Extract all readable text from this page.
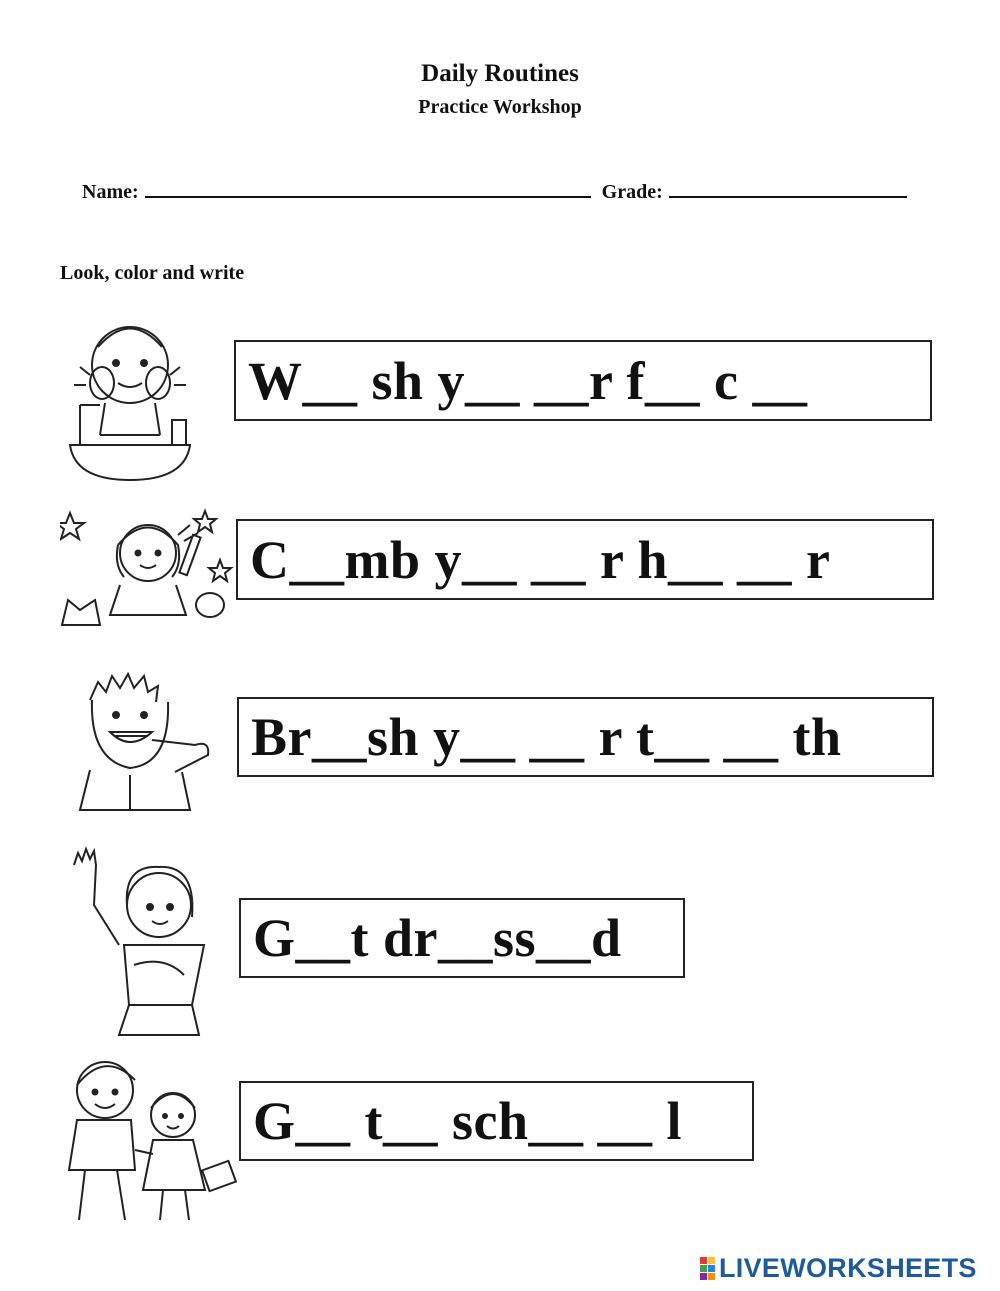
Daily Routines
Practice Workshop
Name:	Grade:
Look, color and write
W__ sh y__ __r f__ c __
C__mb y__ __ r h__ __ r
Br__sh y__ __ r t__ __ th
G__t dr__ss__d
G__ t__ sch__ __ l
LIVEWORKSHEETS
